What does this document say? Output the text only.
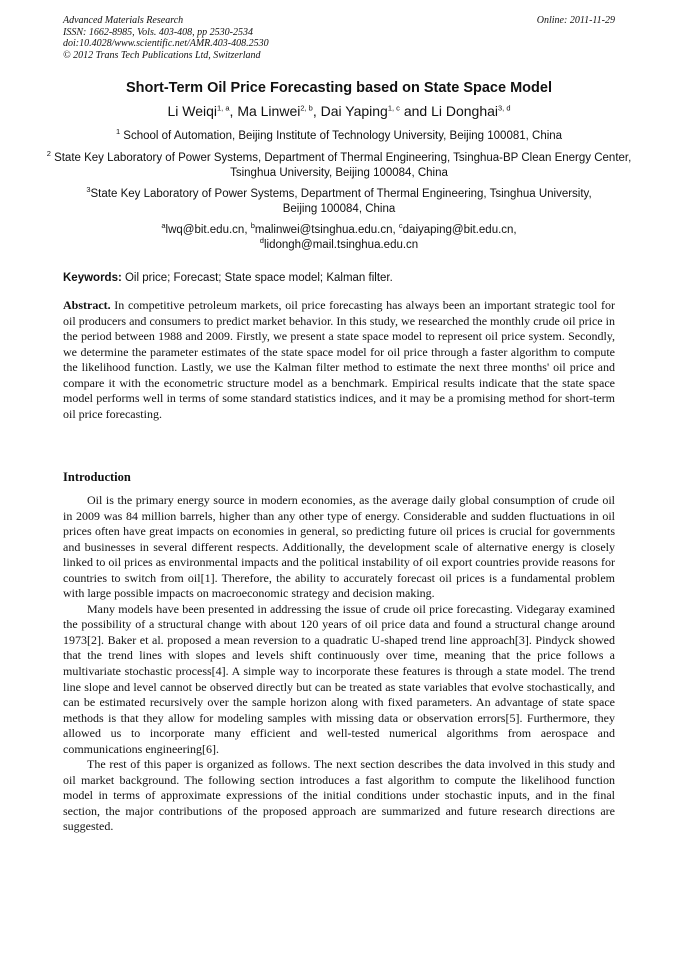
Advanced Materials Research
ISSN: 1662-8985, Vols. 403-408, pp 2530-2534
doi:10.4028/www.scientific.net/AMR.403-408.2530
© 2012 Trans Tech Publications Ltd, Switzerland
Online: 2011-11-29
Short-Term Oil Price Forecasting based on State Space Model
Li Weiqi$^{1, a}$, Ma Linwei$^{2, b}$, Dai Yaping$^{1, c}$ and Li Donghai$^{3, d}$
$^1$ School of Automation, Beijing Institute of Technology University, Beijing 100081, China
$^2$ State Key Laboratory of Power Systems, Department of Thermal Engineering, Tsinghua-BP Clean Energy Center, Tsinghua University, Beijing 100084, China
$^3$State Key Laboratory of Power Systems, Department of Thermal Engineering, Tsinghua University, Beijing 100084, China
$^a$lwq@bit.edu.cn, $^b$malinwei@tsinghua.edu.cn, $^c$daiyaping@bit.edu.cn,
$^d$lidongh@mail.tsinghua.edu.cn
Keywords: Oil price; Forecast; State space model; Kalman filter.

Abstract. In competitive petroleum markets, oil price forecasting has always been an important strategic tool for oil producers and consumers to predict market behavior. In this study, we researched the monthly crude oil price in the period between 1988 and 2009. Firstly, we present a state space model to represent oil price system. Secondly, we determine the parameter estimates of the state space model for oil price through a faster algorithm to compute the likelihood function. Lastly, we use the Kalman filter method to estimate the next three months' oil price and compare it with the econometric structure model as a benchmark. Empirical results indicate that the state space model performs well in terms of some standard statistics indices, and it may be a promising method for short-term oil price forecasting.

Introduction

Oil is the primary energy source in modern economies, as the average daily global consumption of crude oil in 2009 was 84 million barrels, higher than any other type of energy. Considerable and sudden fluctuations in oil prices often have great impacts on economies in general, so predicting future oil prices is crucial for governments and businesses in several different respects. Additionally, the development scale of alternative energy is closely linked to oil prices as environmental impacts and the political instability of oil export countries provide reasons for countries to switch from oil[1]. Therefore, the ability to accurately forecast oil prices is a fundamental problem with large possible impacts on macroeconomic strategy and decision making.

Many models have been presented in addressing the issue of crude oil price forecasting. Videgaray examined the possibility of a structural change with about 120 years of oil price data and found a structural change around 1973[2]. Baker et al. proposed a mean reversion to a quadratic U-shaped trend line approach[3]. Pindyck showed that the trend lines with slopes and levels shift continuously over time, meaning that the price follows a multivariate stochastic process[4]. A simple way to incorporate these features is through a state model. The trend line slope and level cannot be observed directly but can be treated as state variables that evolve stochastically, and can be estimated recursively over the sample horizon along with fixed parameters. An advantage of state space methods is that they allow for modeling samples with missing data or observation errors[5]. Furthermore, they allowed us to incorporate many efficient and well-tested numerical algorithms from aerospace and communications engineering[6].

The rest of this paper is organized as follows. The next section describes the data involved in this study and oil market background. The following section introduces a fast algorithm to compute the likelihood function model in terms of approximate expressions of the initial conditions under stochastic inputs, and in the final section, the major contributions of the proposed approach are summarized and future research directions are suggested.
